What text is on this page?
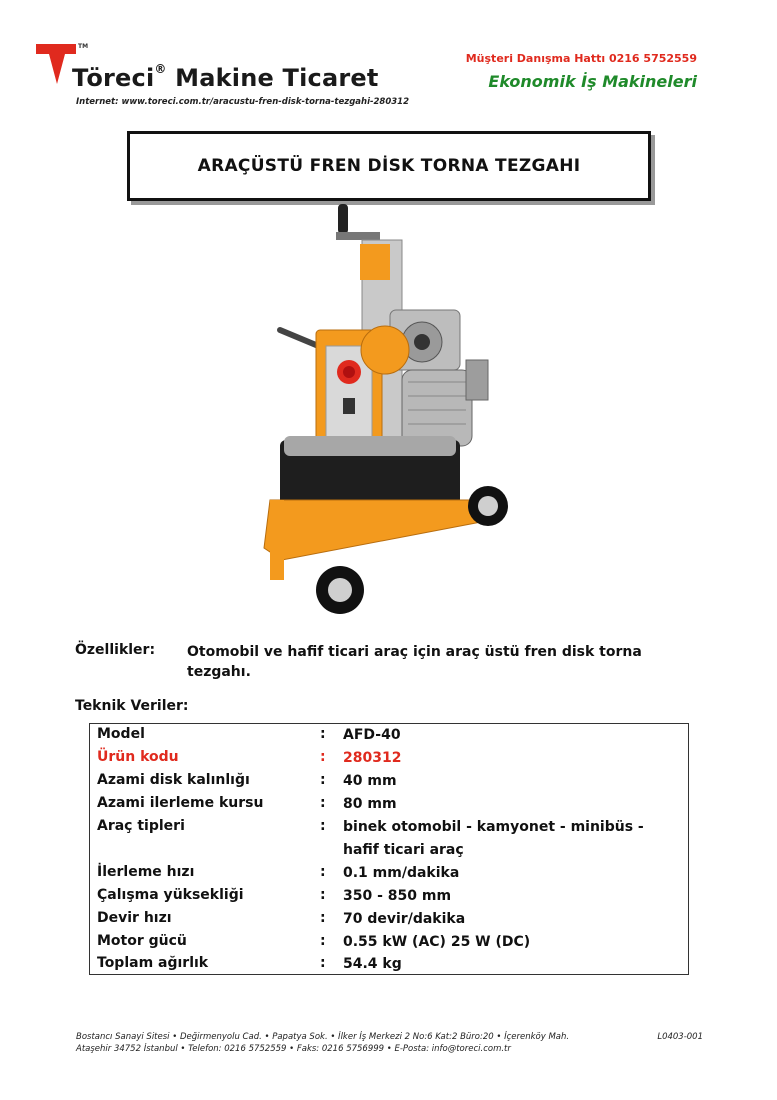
TM
Töreci® Makine Ticaret
Internet: www.toreci.com.tr/aracustu-fren-disk-torna-tezgahi-280312
Müşteri Danışma Hattı 0216 5752559
Ekonomik İş Makineleri
ARAÇÜSTÜ FREN DİSK TORNA TEZGAHI
Özellikler: Otomobil ve hafif ticari araç için araç üstü fren disk torna tezgahı.
Teknik Veriler:
Model	: AFD-40
Ürün kodu	: 280312
Azami disk kalınlığı	: 40 mm
Azami ilerleme kursu	: 80 mm
Araç tipleri	: binek otomobil - kamyonet - minibüs - hafif ticari araç
İlerleme hızı	: 0.1 mm/dakika
Çalışma yüksekliği	: 350 - 850 mm
Devir hızı	: 70 devir/dakika
Motor gücü	: 0.55 kW (AC) 25 W (DC)
Toplam ağırlık	: 54.4 kg
Bostancı Sanayi Sitesi • Değirmenyolu Cad. • Papatya Sok. • İlker İş Merkezi 2 No:6 Kat:2 Büro:20 • İçerenköy Mah.
Ataşehir 34752 İstanbul • Telefon: 0216 5752559 • Faks: 0216 5756999 • E-Posta: info@toreci.com.tr
L0403-001
